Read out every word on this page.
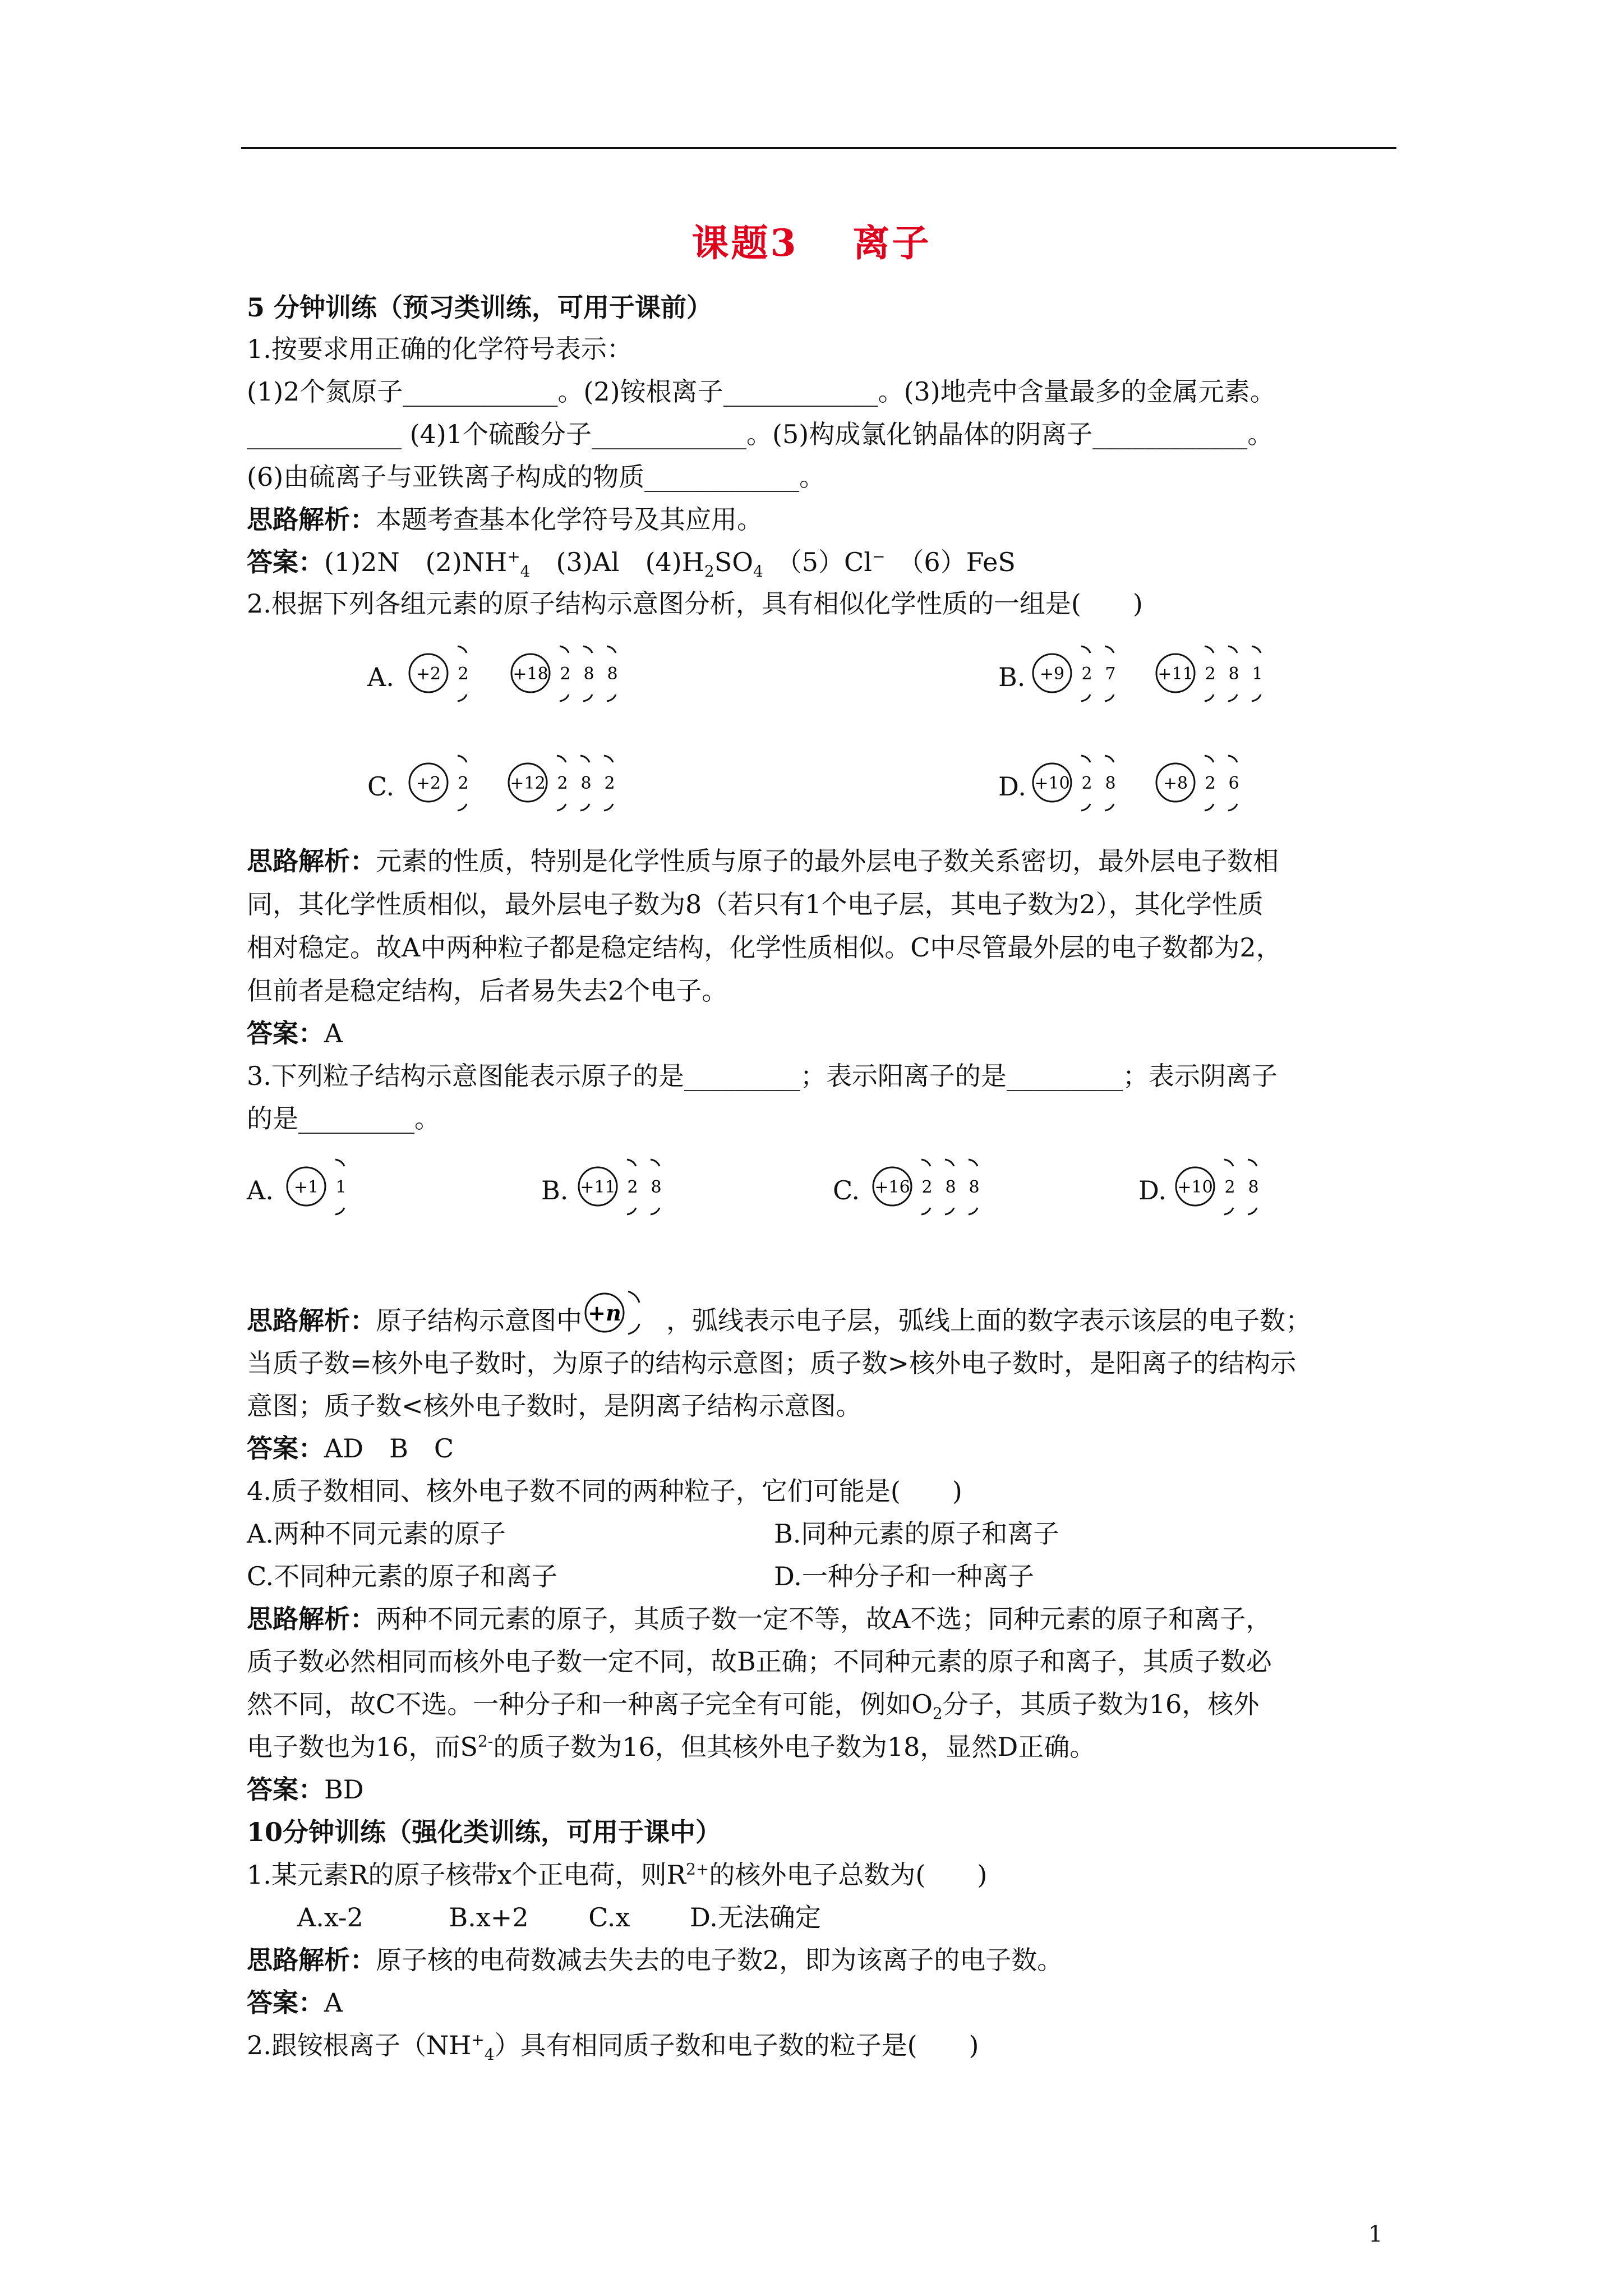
课题3　 离子
5 分钟训练（预习类训练，可用于课前）
1.按要求用正确的化学符号表示：
(1)2个氮原子____________。(2)铵根离子____________。(3)地壳中含量最多的金属元素。
____________ (4)1个硫酸分子____________。(5)构成氯化钠晶体的阴离子____________。
(6)由硫离子与亚铁离子构成的物质____________。
思路解析：本题考查基本化学符号及其应用。
答案：(1)2N　$(2)NH^+_4$　(3)Al　$(4)H_2SO_4$　（5）Cl−　（6）FeS
2.根据下列各组元素的原子结构示意图分析，具有相似化学性质的一组是(　　)
A. +2 2	+18 2 8 8	B. +9 2 7 +11 2 8 1
C. +2 2 +12 2 8 2	D. +10 2 8	+8 2 6
思路解析：元素的性质，特别是化学性质与原子的最外层电子数关系密切，最外层电子数相
同，其化学性质相似，最外层电子数为8（若只有1个电子层，其电子数为2），其化学性质
相对稳定。故A中两种粒子都是稳定结构，化学性质相似。C中尽管最外层的电子数都为2，
但前者是稳定结构，后者易失去2个电子。
答案：A
3.下列粒子结构示意图能表示原子的是_________；表示阳离子的是_________；表示阴离子
的是_________。
A. +1 1	B. +11 2 8	C. +16 2 8 8	D. +10 2 8
思路解析：原子结构示意图中 +n ，弧线表示电子层，弧线上面的数字表示该层的电子数；
当质子数=核外电子数时，为原子的结构示意图；质子数>核外电子数时，是阳离子的结构示
意图；质子数<核外电子数时，是阴离子结构示意图。
答案：AD　B　C
4.质子数相同、核外电子数不同的两种粒子，它们可能是(　　)
A.两种不同元素的原子	B.同种元素的原子和离子
C.不同种元素的原子和离子	D.一种分子和一种离子
思路解析：两种不同元素的原子，其质子数一定不等，故A不选；同种元素的原子和离子，
质子数必然相同而核外电子数一定不同，故B正确；不同种元素的原子和离子，其质子数必
然不同，故C不选。一种分子和一种离子完全有可能，例如$O_2$分子，其质子数为16，核外
电子数也为16，而$S^{2-}$的质子数为16，但其核外电子数为18，显然D正确。
答案：BD
10分钟训练（强化类训练，可用于课中）
1.某元素R的原子核带x个正电荷，则$R^{2+}$的核外电子总数为(　　)
A.x-2　　　 B.x+2　　 C.x　　 D.无法确定
思路解析：原子核的电荷数减去失去的电子数2，即为该离子的电子数。
答案：A
2.跟铵根离子$(NH^+_4)$具有相同质子数和电子数的粒子是(　　)
1
